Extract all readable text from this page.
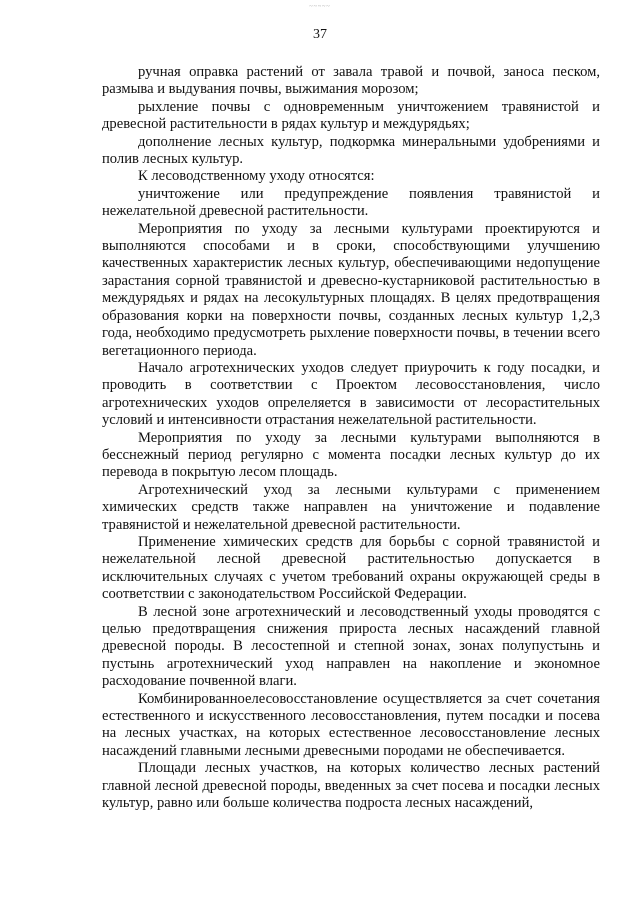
~~~~~
37

ручная оправка растений от завала травой и почвой, заноса песком, размыва и выдувания почвы, выжимания морозом;

рыхление почвы с одновременным уничтожением травянистой и древесной растительности в рядах культур и междурядьях;

дополнение лесных культур, подкормка минеральными удобрениями и полив лесных культур.

К лесоводственному уходу относятся:

уничтожение или предупреждение появления травянистой и нежелательной древесной растительности.

Мероприятия по уходу за лесными культурами проектируются и выполняются способами и в сроки, способствующими улучшению качественных характеристик лесных культур, обеспечивающими недопущение зарастания сорной травянистой и древесно-кустарниковой растительностью в междурядьях и рядах на лесокультурных площадях. В целях предотвращения образования корки на поверхности почвы, созданных лесных культур 1,2,3 года, необходимо предусмотреть рыхление поверхности почвы, в течении всего вегетационного периода.

Начало агротехнических уходов следует приурочить к году посадки, и проводить в соответствии с Проектом лесовосстановления, число агротехнических уходов опрелеляется в зависимости от лесорастительных условий и интенсивности отрастания нежелательной растительности.

Мероприятия по уходу за лесными культурами выполняются в бесснежный период регулярно с момента посадки лесных культур до их перевода в покрытую лесом площадь.

Агротехнический уход за лесными культурами с применением химических средств также направлен на уничтожение и подавление травянистой и нежелательной древесной растительности.

Применение химических средств для борьбы с сорной травянистой и нежелательной лесной древесной растительностью допускается в исключительных случаях с учетом требований охраны окружающей среды в соответствии с законодательством Российской Федерации.

В лесной зоне агротехнический и лесоводственный уходы проводятся с целью предотвращения снижения прироста лесных насаждений главной древесной породы. В лесостепной и степной зонах, зонах полупустынь и пустынь агротехнический уход направлен на накопление и экономное расходование почвенной влаги.

Комбинированноелесовосстановление осуществляется за счет сочетания естественного и искусственного лесовосстановления, путем посадки и посева на лесных участках, на которых естественное лесовосстановление лесных насаждений главными лесными древесными породами не обеспечивается.

Площади лесных участков, на которых количество лесных растений главной лесной древесной породы, введенных за счет посева и посадки лесных культур, равно или больше количества подроста лесных насаждений,
